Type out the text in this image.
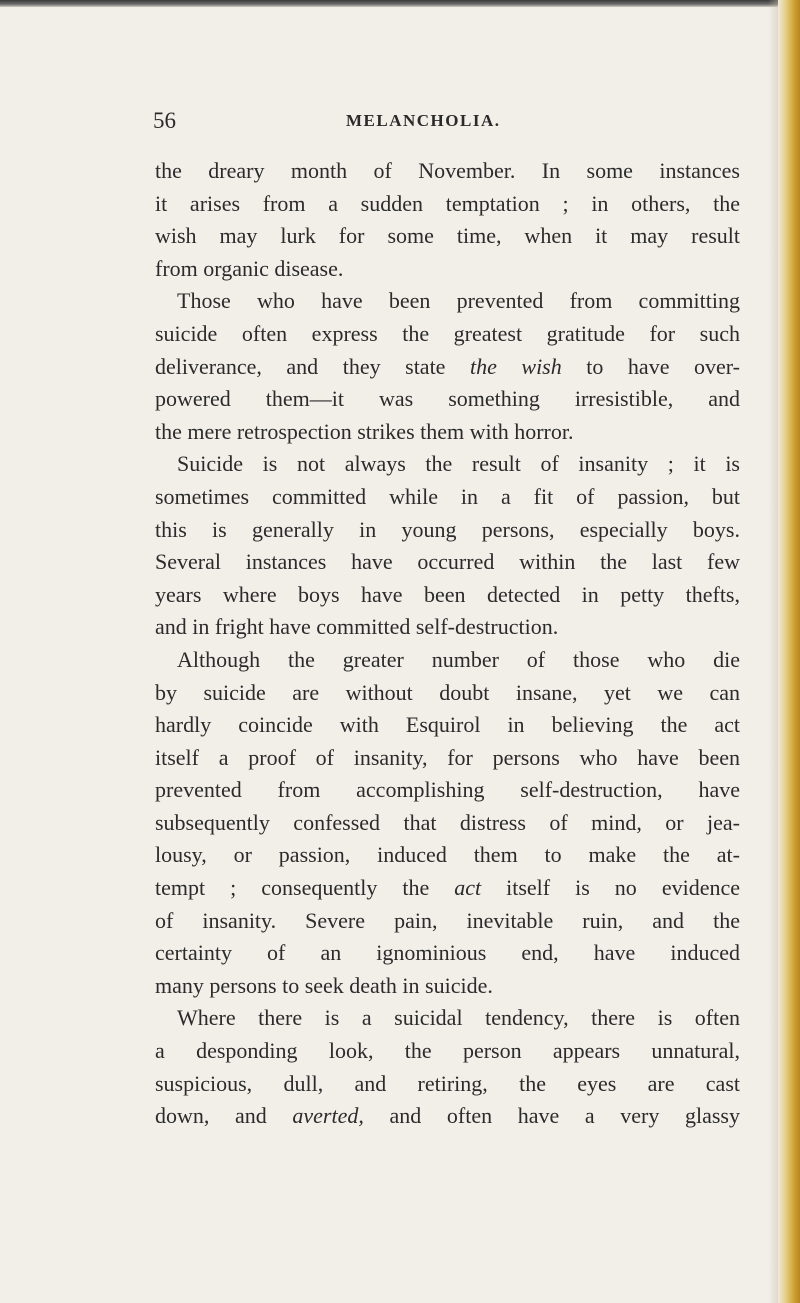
56	MELANCHOLIA.
the dreary month of November. In some instances
it arises from a sudden temptation ; in others, the
wish may lurk for some time, when it may result
from organic disease.
Those who have been prevented from committing
suicide often express the greatest gratitude for such
deliverance, and they state the wish to have over-
powered them—it was something irresistible, and
the mere retrospection strikes them with horror.
Suicide is not always the result of insanity ; it is
sometimes committed while in a fit of passion, but
this is generally in young persons, especially boys.
Several instances have occurred within the last few
years where boys have been detected in petty thefts,
and in fright have committed self-destruction.
Although the greater number of those who die
by suicide are without doubt insane, yet we can
hardly coincide with Esquirol in believing the act
itself a proof of insanity, for persons who have been
prevented from accomplishing self-destruction, have
subsequently confessed that distress of mind, or jea-
lousy, or passion, induced them to make the at-
tempt ; consequently the act itself is no evidence
of insanity. Severe pain, inevitable ruin, and the
certainty of an ignominious end, have induced
many persons to seek death in suicide.
Where there is a suicidal tendency, there is often
a desponding look, the person appears unnatural,
suspicious, dull, and retiring, the eyes are cast
down, and averted, and often have a very glassy
